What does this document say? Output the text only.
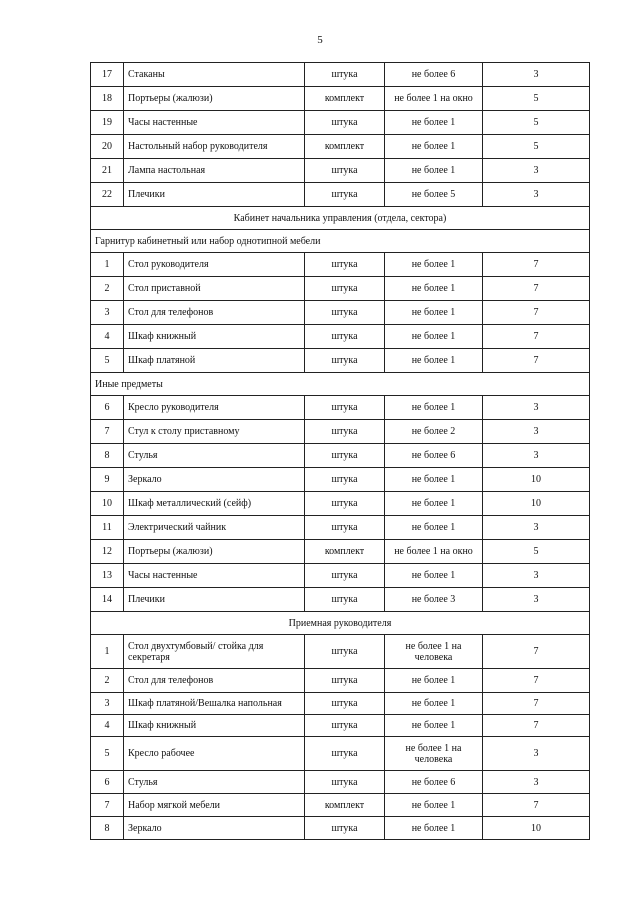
5
17	Стаканы	штука	не более 6	3
18	Портьеры (жалюзи)	комплект	не более 1 на окно	5
19	Часы настенные	штука	не более 1	5
20	Настольный набор руководителя	комплект	не более 1	5
21	Лампа настольная	штука	не более 1	3
22	Плечики	штука	не более 5	3
Кабинет начальника управления (отдела, сектора)				
Гарнитур кабинетный или набор однотипной мебели				
1	Стол руководителя	штука	не более 1	7
2	Стол приставной	штука	не более 1	7
3	Стол для телефонов	штука	не более 1	7
4	Шкаф книжный	штука	не более 1	7
5	Шкаф платяной	штука	не более 1	7
Иные предметы				
6	Кресло руководителя	штука	не более 1	3
7	Стул к столу приставному	штука	не более 2	3
8	Стулья	штука	не более 6	3
9	Зеркало	штука	не более 1	10
10	Шкаф металлический (сейф)	штука	не более 1	10
11	Электрический чайник	штука	не более 1	3
12	Портьеры (жалюзи)	комплект	не более 1 на окно	5
13	Часы настенные	штука	не более 1	3
14	Плечики	штука	не более 3	3
Приемная руководителя				
1	Стол двухтумбовый/ стойка для секретаря	штука	не более 1 на человека	7
2	Стол для телефонов	штука	не более 1	7
3	Шкаф платяной/Вешалка напольная	штука	не более 1	7
4	Шкаф книжный	штука	не более 1	7
5	Кресло рабочее	штука	не более 1 на человека	3
6	Стулья	штука	не более 6	3
7	Набор мягкой мебели	комплект	не более 1	7
8	Зеркало	штука	не более 1	10
